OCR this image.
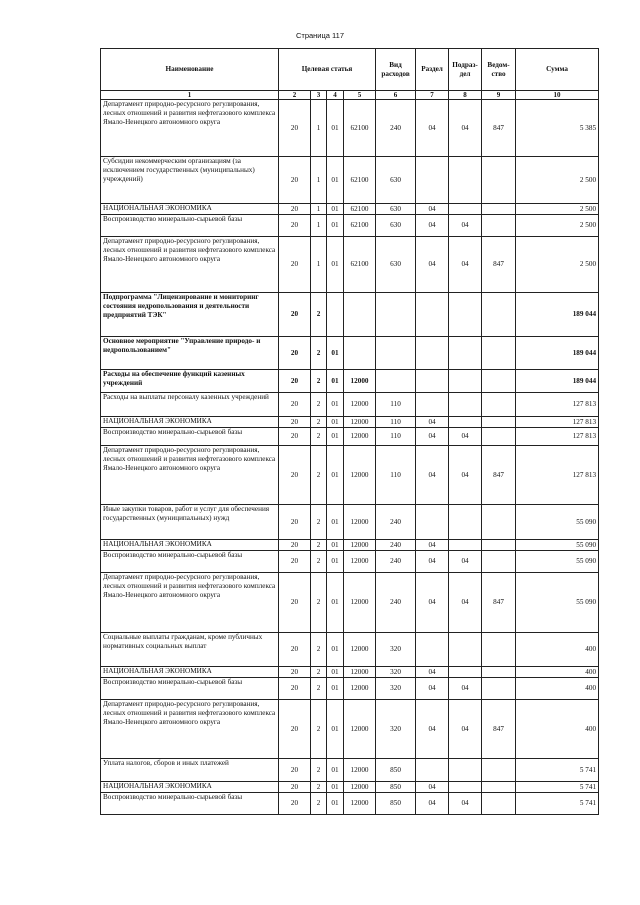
Страница 117
Наименование	Целевая статья				Вид расходов	Раздел	Подраз-дел	Ведом-ство	Сумма
1	2	3	4	5	6	7	8	9	10
Департамент природно-ресурсного регулирования, лесных отношений и развития нефтегазового комплекса Ямало-Ненецкого автономного округа	20	1	01	62100	240	04	04	847	5 385
Субсидии некоммерческим организациям (за исключением государственных (муниципальных) учреждений)	20	1	01	62100	630				2 500
НАЦИОНАЛЬНАЯ ЭКОНОМИКА	20	1	01	62100	630	04			2 500
Воспроизводство минерально-сырьевой базы	20	1	01	62100	630	04	04		2 500
Департамент природно-ресурсного регулирования, лесных отношений и развития нефтегазового комплекса Ямало-Ненецкого автономного округа	20	1	01	62100	630	04	04	847	2 500
Подпрограмма "Лицензирование и мониторинг состояния недропользования и деятельности предприятий ТЭК"	20	2							189 044
Основное мероприятие "Управление природо- и недропользованием"	20	2	01						189 044
Расходы на обеспечение функций казенных учреждений	20	2	01	12000					189 044
Расходы на выплаты персоналу казенных учреждений	20	2	01	12000	110				127 813
НАЦИОНАЛЬНАЯ ЭКОНОМИКА	20	2	01	12000	110	04			127 813
Воспроизводство минерально-сырьевой базы	20	2	01	12000	110	04	04		127 813
Департамент природно-ресурсного регулирования, лесных отношений и развития нефтегазового комплекса Ямало-Ненецкого автономного округа	20	2	01	12000	110	04	04	847	127 813
Иные закупки товаров, работ и услуг для обеспечения государственных (муниципальных) нужд	20	2	01	12000	240				55 090
НАЦИОНАЛЬНАЯ ЭКОНОМИКА	20	2	01	12000	240	04			55 090
Воспроизводство минерально-сырьевой базы	20	2	01	12000	240	04	04		55 090
Департамент природно-ресурсного регулирования, лесных отношений и развития нефтегазового комплекса Ямало-Ненецкого автономного округа	20	2	01	12000	240	04	04	847	55 090
Социальные выплаты гражданам, кроме публичных нормативных социальных выплат	20	2	01	12000	320				400
НАЦИОНАЛЬНАЯ ЭКОНОМИКА	20	2	01	12000	320	04			400
Воспроизводство минерально-сырьевой базы	20	2	01	12000	320	04	04		400
Департамент природно-ресурсного регулирования, лесных отношений и развития нефтегазового комплекса Ямало-Ненецкого автономного округа	20	2	01	12000	320	04	04	847	400
Уплата налогов, сборов и иных платежей	20	2	01	12000	850				5 741
НАЦИОНАЛЬНАЯ ЭКОНОМИКА	20	2	01	12000	850	04			5 741
Воспроизводство минерально-сырьевой базы	20	2	01	12000	850	04	04		5 741
